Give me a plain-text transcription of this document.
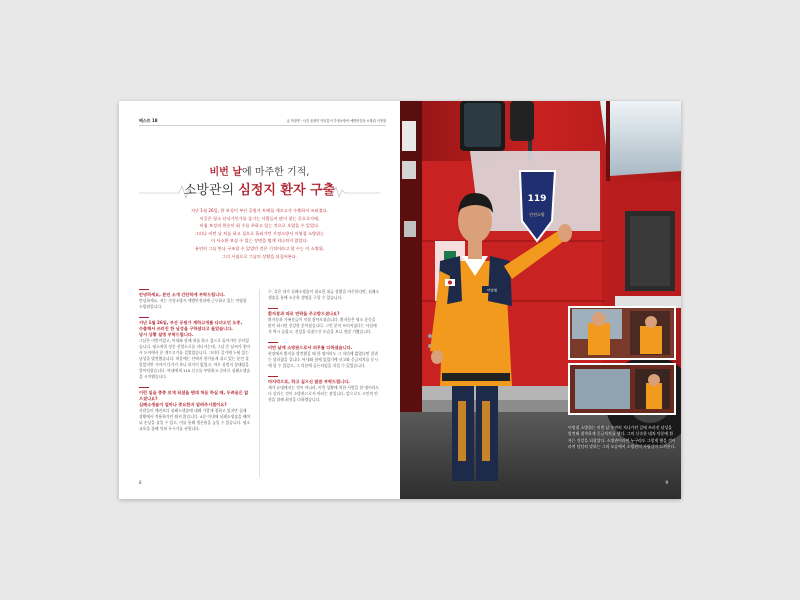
베스트 18	글 허정연 · 사진 윤현미 인터뷰이 가정소방서 예방안전과 소방위 이영철
비번 날에 마주한 기적,
소방관의 심정지 환자 구출
지난 1월 26일, 한 보성이 부산 공원가 트에를 개프고가 수출하서 쓰러젔다.
이곳은 평소 산식가인가를 즐기는 사람들이 많이 찾는 곳으로가에,
마침 보성의 한순이 회 수를 주하고 있는 것으로 오엄을 수 있었다.
그러나 비번 날 처를 하고 집으로 흘러가던 가정소방서 이영철 소방위는
이 사소한 보실 수 있는 장면을 범게 지나치지 않았다.
유연히 그를 만나 구조할 수 있었던 것은 기적이라고 할 수는 이 소방위,
그의 시점으로 그날의 상황을 되짚어본다.
안녕하세요, 본인 소개 간단하게 부탁드립니다.
안녕하세요. 저는 가정소방서 예방안전과에 근무하고 있는 이영철 소방위입니다.
지난 1월 26일, 부산 공원가 계하고개를 다녀오던 도중,
수출해서 쓰러진 한 남성을 구하셨다고 들었습니다.
당시 상황 설명 부탁드립니다.
그날은 비번이었고, 아내와 함께 처를 하고 집으로 돌아가던 중이었습니다. 평소처럼 정문 산업도로를 지나가는데, 그날 은 날씨가 좋아서 도어에서 운 개프고가를 걸었었습니다. 그러다 길가에 누워 있는 남성을 발견했습니다. 처음에는 산에서 한가롭게 쉬고 있는 분인 줄 알았지만 가까이 다가가 보니 의식이 없었고, 바로 심정지 상태임을 알아차렸습니다. 아내에게 119 신고를 부탁하고 곧바로 심폐소생술을 시작했습니다.
이런 일을 종종 보게 되셨을 텐데 처음 하실 때, 두려움은 없으셨나요?
심폐소생술이 얼마나 중요한지 알려주시겠어요?
사람들이 예전보다 심폐소생술에 대해 가깝게 접하고 있지만 실제 상황에서 적용하기란 쉽지 않습니다. 4분 이내에 심폐소생술을 해야 뇌 손상을 줄일 수 있고, 이를 통해 생존율을 높일 수 있습니다. 평소 교육을 통해 익혀 두시기를 권합니다.
수, 혹은 내가 심폐소생술이 필요한 위급 상황을 마주한다면, 심폐소생술을 통해 소중한 생명을 구할 수 있습니다.
환자분과 따로 연락을 주고받으셨나요?
환자분과 가족분들이 직접 찾아오셨습니다. 환자분은 평소 운동을 많이 하시던 건강한 분이셨습니다. 그런 분이 쓰러지셨다는 사실에 저 역시 놀랐고, 건강을 되찾으신 모습을 보니 정말 기뻤습니다.
비번 날에 소방관으로서 의무를 다하셨습니다.
현장에서 환자를 발견했을 때 한 명이라도 그 자리에 없었다면 결과는 달라졌을 겁니다. 아내와 함께 있었기에 신고와 응급처치를 동시에 할 수 있었고, 그 덕분에 골든타임을 지킬 수 있었습니다.
마지막으로, 하고 싶으신 말씀 부탁드립니다.
제가 유명해지는 것이 아니라, 이런 상황에 처한 사람을 한 명이라도 더 살리는 것이 소방관으로서 바라는 점입니다. 앞으로도 시민의 안전을 위해 최선을 다하겠습니다.
8
119
안전소방
이영철
이영철 소방위는 비번 날 우연히 지나가던 길에 쓰러진 남성을 발견해 침착하게 응급처치를 했다. 그의 신속한 대처 덕분에 환자는 건강을 되찾았다. 소방관이라면 누구라도 그렇게 했을 것이라며 담담히 말하는 그의 모습에서 소방관의 사명감이 느껴진다.
9
